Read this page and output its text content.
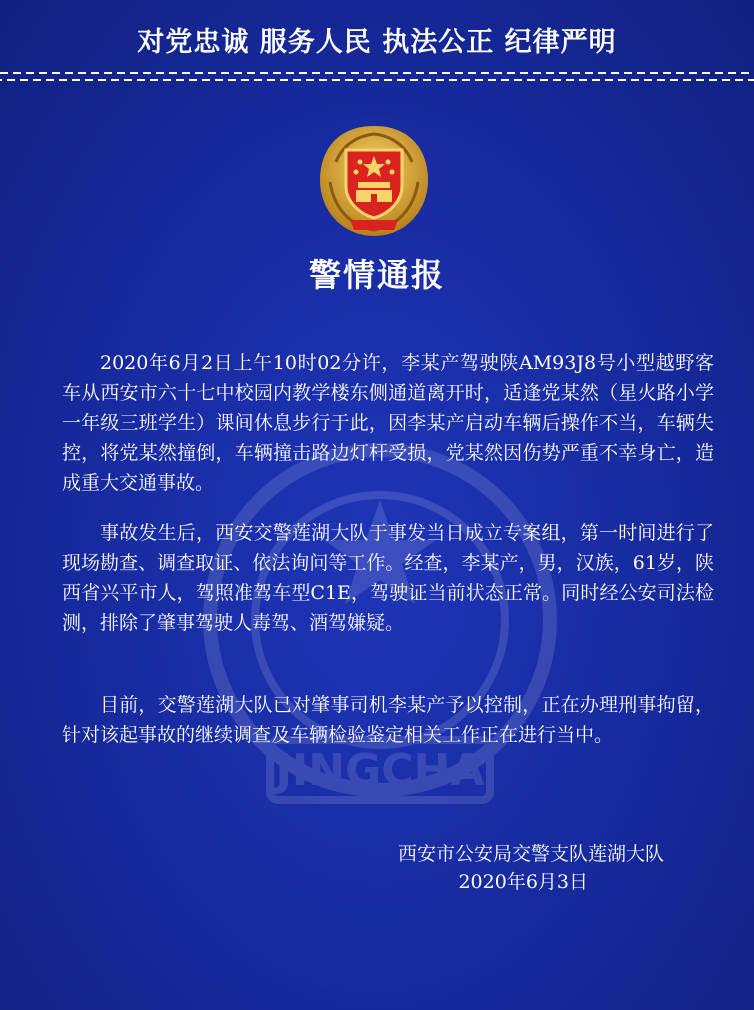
对党忠诚 服务人民 执法公正 纪律严明
JINGCHA
警情通报
2020年6月2日上午10时02分许，李某产驾驶陕AM93J8号小型越野客车从西安市六十七中校园内教学楼东侧通道离开时，适逢党某然（星火路小学一年级三班学生）课间休息步行于此，因李某产启动车辆后操作不当，车辆失控，将党某然撞倒，车辆撞击路边灯杆受损，党某然因伤势严重不幸身亡，造成重大交通事故。
事故发生后，西安交警莲湖大队于事发当日成立专案组，第一时间进行了现场勘查、调查取证、依法询问等工作。经查，李某产，男，汉族，61岁，陕西省兴平市人，驾照准驾车型C1E，驾驶证当前状态正常。同时经公安司法检测，排除了肇事驾驶人毒驾、酒驾嫌疑。
目前，交警莲湖大队已对肇事司机李某产予以控制，正在办理刑事拘留，针对该起事故的继续调查及车辆检验鉴定相关工作正在进行当中。
西安市公安局交警支队莲湖大队
2020年6月3日
